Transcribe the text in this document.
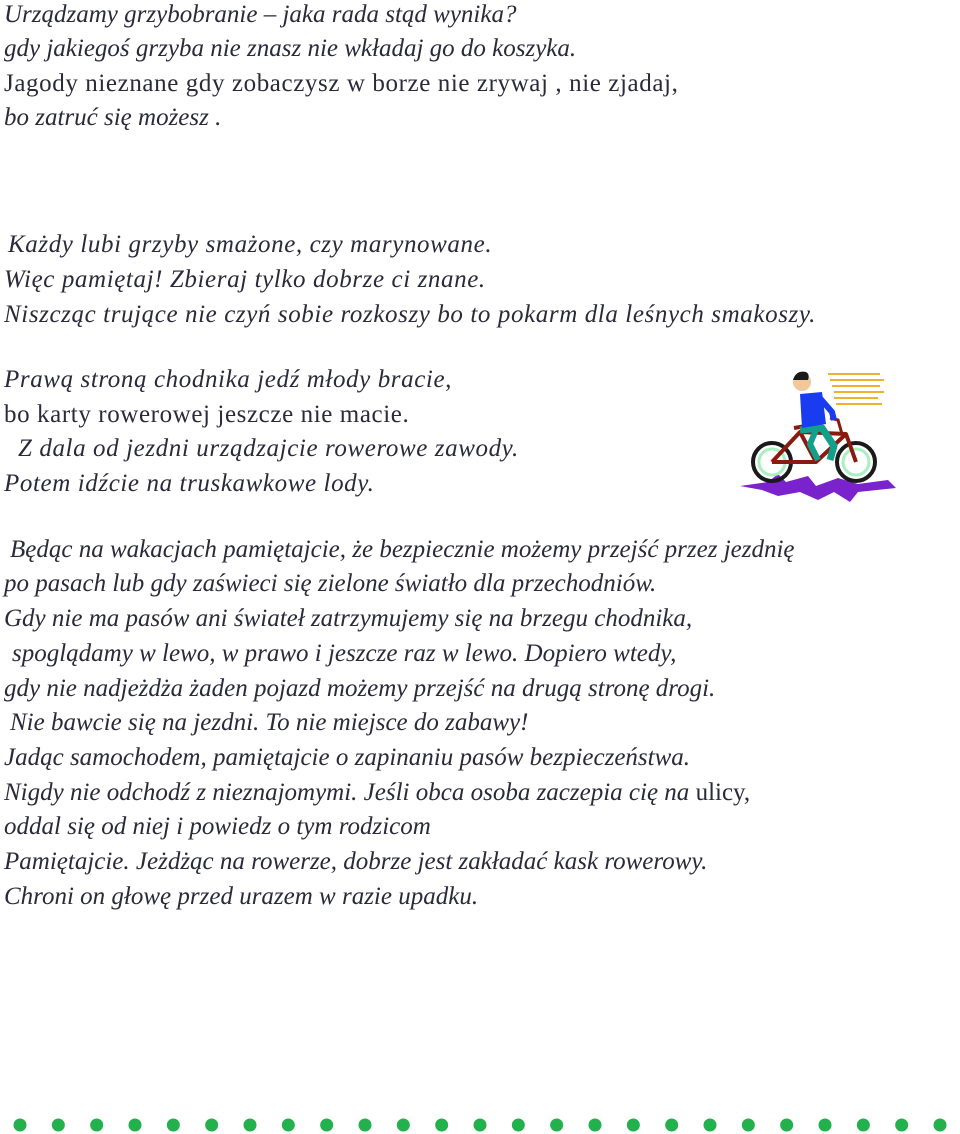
Urządzamy grzybobranie – jaka rada stąd wynika?
gdy jakiegoś grzyba nie znasz nie wkładaj go do koszyka.
Jagody nieznane gdy zobaczysz w borze nie zrywaj , nie zjadaj,
bo zatruć się możesz .
Każdy lubi grzyby smażone, czy marynowane.
Więc pamiętaj! Zbieraj tylko dobrze ci znane.
Niszcząc trujące nie czyń sobie rozkoszy bo to pokarm dla leśnych smakoszy.
Prawą stroną chodnika jedź młody bracie,
bo karty rowerowej jeszcze nie macie.
Z dala od jezdni urządzajcie rowerowe zawody.
Potem idźcie na truskawkowe lody.
Będąc na wakacjach pamiętajcie, że bezpiecznie możemy przejść przez jezdnię
po pasach lub gdy zaświeci się zielone światło dla przechodniów.
Gdy nie ma pasów ani świateł zatrzymujemy się na brzegu chodnika,
spoglądamy w lewo, w prawo i jeszcze raz w lewo. Dopiero wtedy,
gdy nie nadjeżdża żaden pojazd możemy przejść na drugą stronę drogi.
Nie bawcie się na jezdni. To nie miejsce do zabawy!
Jadąc samochodem, pamiętajcie o zapinaniu pasów bezpieczeństwa.
Nigdy nie odchodź z nieznajomymi. Jeśli obca osoba zaczepia cię na ulicy,
oddal się od niej i powiedz o tym rodzicom
Pamiętajcie. Jeżdżąc na rowerze, dobrze jest zakładać kask rowerowy.
Chroni on głowę przed urazem w razie upadku.
